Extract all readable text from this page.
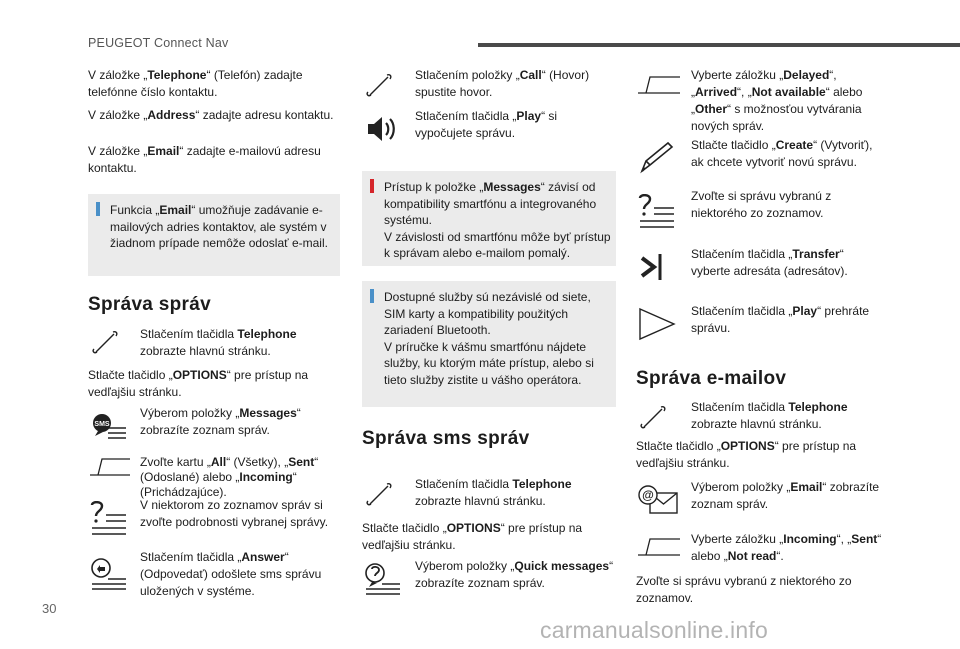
PEUGEOT Connect Nav

V záložke „Telephone“ (Telefón) zadajte telefónne číslo kontaktu.

V záložke „Address“ zadajte adresu kontaktu.

V záložke „Email“ zadajte e-mailovú adresu kontaktu.

Funkcia „Email“ umožňuje zadávanie e-mailových adries kontaktov, ale systém v žiadnom prípade nemôže odoslať e-mail.
Správa správ
Stlačením tlačidla Telephone zobrazte hlavnú stránku.

Stlačte tlačidlo „OPTIONS“ pre prístup na vedľajšiu stránku.

SMS
Výberom položky „Messages“ zobrazíte zoznam správ.
Zvoľte kartu „All“ (Všetky), „Sent“ (Odoslané) alebo „Incoming“ (Prichádzajúce).
V niektorom zo zoznamov správ si zvoľte podrobnosti vybranej správy.
Stlačením tlačidla „Answer“ (Odpovedať) odošlete sms správu uložených v systéme.
Stlačením položky „Call“ (Hovor) spustite hovor.
Stlačením tlačidla „Play“ si vypočujete správu.
Prístup k položke „Messages“ závisí od kompatibility smartfónu a integrovaného systému.
V závislosti od smartfónu môže byť prístup k správam alebo e-mailom pomalý.
Dostupné služby sú nezávislé od siete, SIM karty a kompatibility použitých zariadení Bluetooth.
V príručke k vášmu smartfónu nájdete služby, ku ktorým máte prístup, alebo si tieto služby zistite u vášho operátora.
Správa sms správ
Stlačením tlačidla Telephone zobrazte hlavnú stránku.

Stlačte tlačidlo „OPTIONS“ pre prístup na vedľajšiu stránku.

Výberom položky „Quick messages“ zobrazíte zoznam správ.
Vyberte záložku „Delayed“, „Arrived“, „Not available“ alebo „Other“ s možnosťou vytvárania nových správ.
Stlačte tlačidlo „Create“ (Vytvoriť), ak chcete vytvoriť novú správu.
Zvoľte si správu vybranú z niektorého zo zoznamov.
Stlačením tlačidla „Transfer“ vyberte adresáta (adresátov).
Stlačením tlačidla „Play“ prehráte správu.
Správa e-mailov
Stlačením tlačidla Telephone zobrazte hlavnú stránku.

Stlačte tlačidlo „OPTIONS“ pre prístup na vedľajšiu stránku.

@
Výberom položky „Email“ zobrazíte zoznam správ.
Vyberte záložku „Incoming“, „Sent“ alebo „Not read“.

Zvoľte si správu vybranú z niektorého zo zoznamov.

30
carmanualsonline.info
